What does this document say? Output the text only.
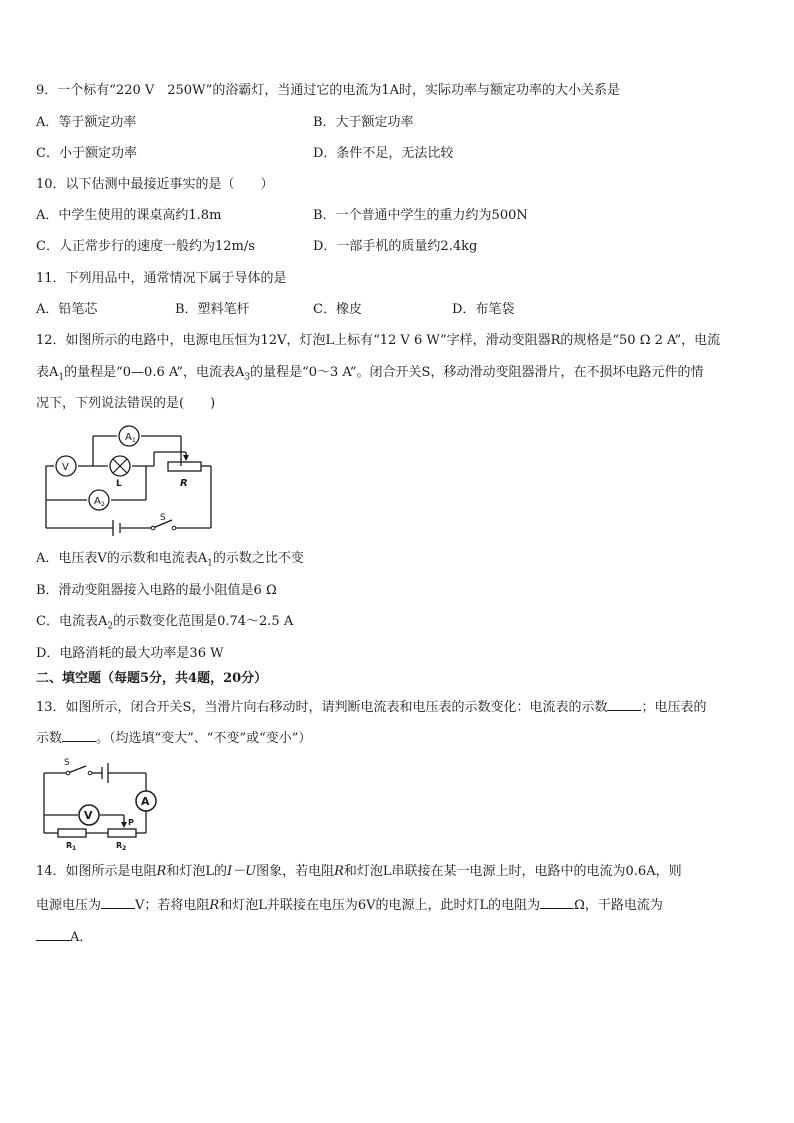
9．一个标有“220 V　250W”的浴霸灯，当通过它的电流为1A时，实际功率与额定功率的大小关系是
A．等于额定功率	B．大于额定功率
C．小于额定功率	D．条件不足，无法比较
10．以下估测中最接近事实的是（　　）
A．中学生使用的课桌高约1.8m	B．一个普通中学生的重力约为500N
C．人正常步行的速度一般约为12m/s	D．一部手机的质量约2.4kg
11．下列用品中，通常情况下属于导体的是
A．铅笔芯	B．塑料笔杆	C．橡皮	D．布笔袋
12．如图所示的电路中，电源电压恒为12V，灯泡L上标有“12 V 6 W”字样，滑动变阻器R的规格是“50 Ω 2 A”，电流
表$A_1$的量程是“0—0.6 A”，电流表$A_3$的量程是“0～3 A”。闭合开关S，移动滑动变阻器滑片，在不损坏电路元件的情
况下，下列说法错误的是(　　)
A 1
V
L	R
A 2
S
A．电压表V的示数和电流表$A_1$的示数之比不变
B．滑动变阻器接入电路的最小阻值是6 Ω
C．电流表$A_2$的示数变化范围是0.74～2.5 A
D．电路消耗的最大功率是36 W
二、填空题（每题5分，共4题，20分）
13．如图所示，闭合开关S，当滑片向右移动时，请判断电流表和电压表的示数变化：电流表的示数	；电压表的
示数	。（均选填“变大”、“不变”或“变小”）
S
A
V
P
R 1	R 2
14．如图所示是电阻R和灯泡L的I－U图象，若电阻R和灯泡L串联接在某一电源上时，电路中的电流为0.6A，则
电源电压为	V；若将电阻R和灯泡L并联接在电压为6V的电源上，此时灯L的电阻为	Ω，干路电流为
A．
